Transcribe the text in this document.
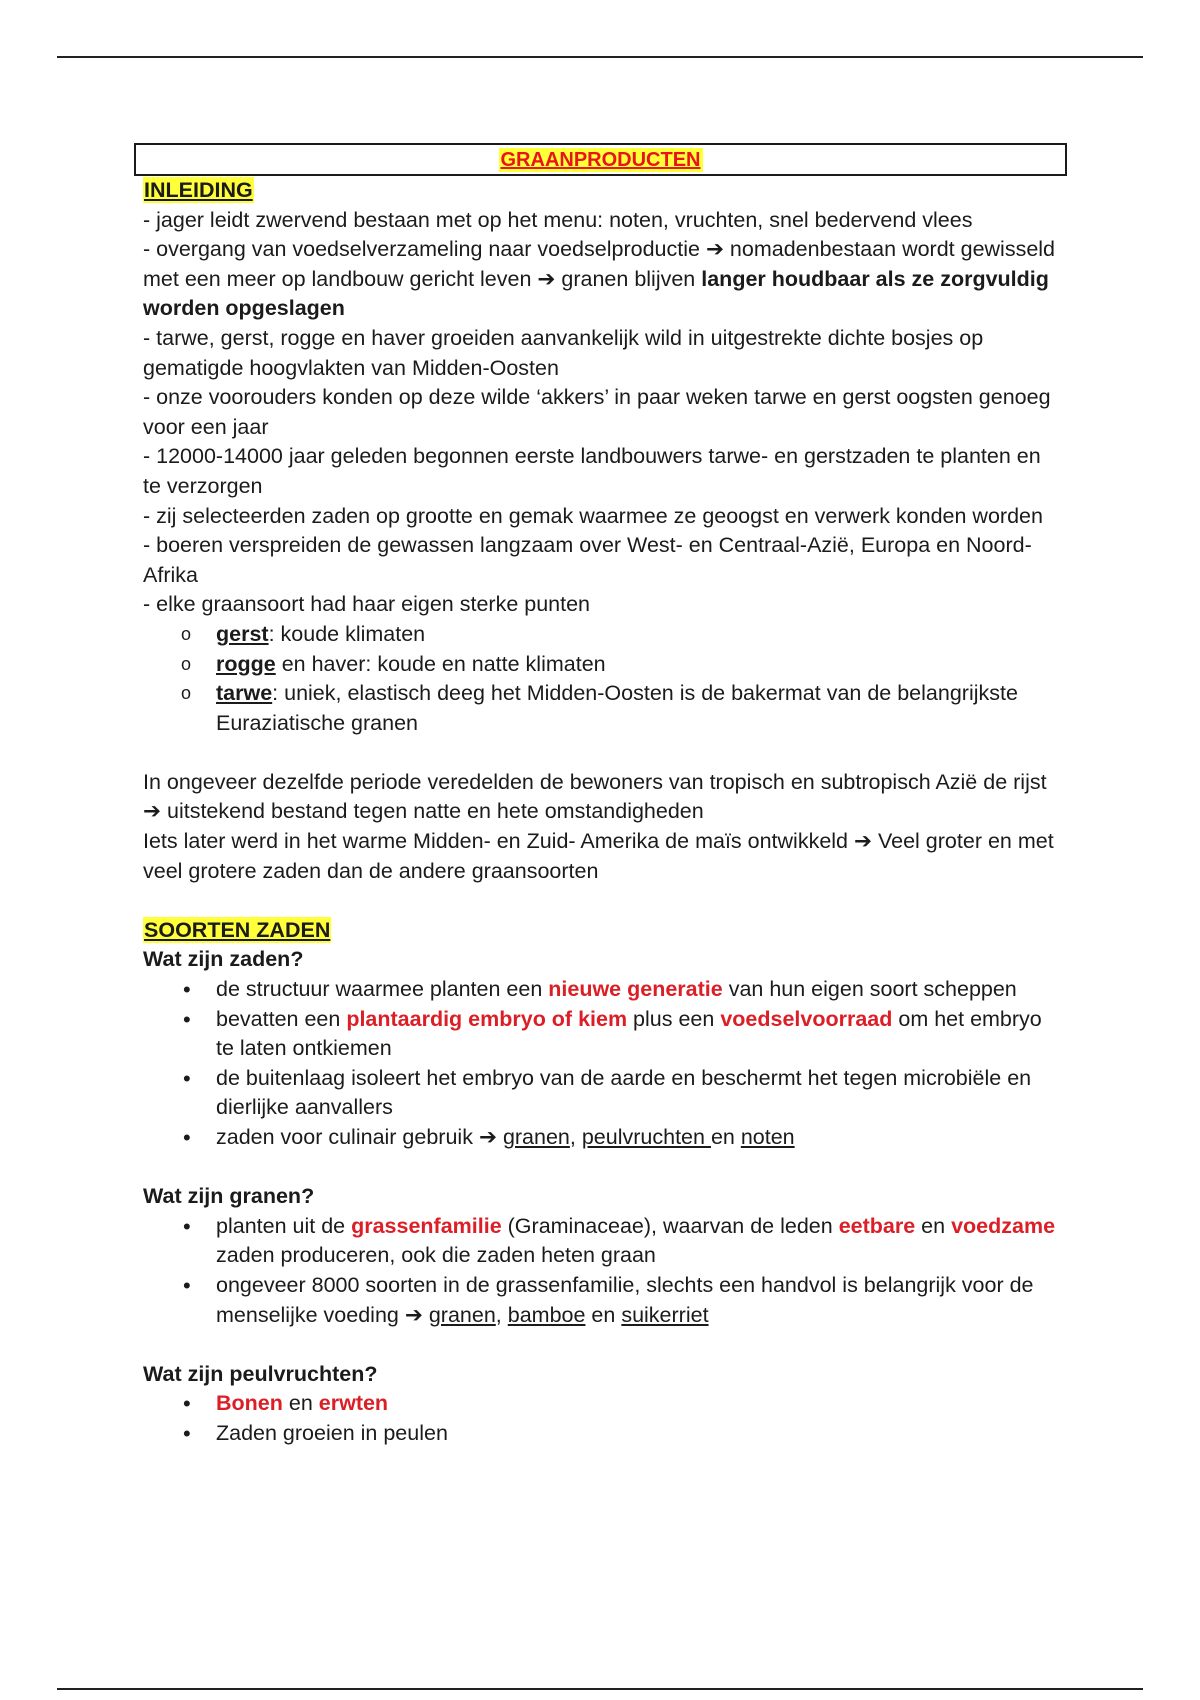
GRAANPRODUCTEN
INLEIDING

- jager leidt zwervend bestaan met op het menu: noten, vruchten, snel bedervend vlees

- overgang van voedselverzameling naar voedselproductie ➔ nomadenbestaan wordt gewisseld met een meer op landbouw gericht leven ➔ granen blijven langer houdbaar als ze zorgvuldig worden opgeslagen

- tarwe, gerst, rogge en haver groeiden aanvankelijk wild in uitgestrekte dichte bosjes op gematigde hoogvlakten van Midden-Oosten

- onze voorouders konden op deze wilde ‘akkers’ in paar weken tarwe en gerst oogsten genoeg voor een jaar

- 12000-14000 jaar geleden begonnen eerste landbouwers tarwe- en gerstzaden te planten en te verzorgen

- zij selecteerden zaden op grootte en gemak waarmee ze geoogst en verwerk konden worden

- boeren verspreiden de gewassen langzaam over West- en Centraal-Azië, Europa en Noord-Afrika

- elke graansoort had haar eigen sterke punten

o gerst: koude klimaten
o rogge en haver: koude en natte klimaten
o tarwe: uniek, elastisch deeg het Midden-Oosten is de bakermat van de belangrijkste Euraziatische granen

In ongeveer dezelfde periode veredelden de bewoners van tropisch en subtropisch Azië de rijst ➔ uitstekend bestand tegen natte en hete omstandigheden

Iets later werd in het warme Midden- en Zuid- Amerika de maïs ontwikkeld ➔ Veel groter en met veel grotere zaden dan de andere graansoorten

SOORTEN ZADEN

Wat zijn zaden?

• de structuur waarmee planten een nieuwe generatie van hun eigen soort scheppen
• bevatten een plantaardig embryo of kiem plus een voedselvoorraad om het embryo te laten ontkiemen
• de buitenlaag isoleert het embryo van de aarde en beschermt het tegen microbiële en dierlijke aanvallers
• zaden voor culinair gebruik ➔ granen, peulvruchten en noten

Wat zijn granen?

• planten uit de grassenfamilie (Graminaceae), waarvan de leden eetbare en voedzame zaden produceren, ook die zaden heten graan
• ongeveer 8000 soorten in de grassenfamilie, slechts een handvol is belangrijk voor de menselijke voeding ➔ granen, bamboe en suikerriet

Wat zijn peulvruchten?

• Bonen en erwten
• Zaden groeien in peulen
